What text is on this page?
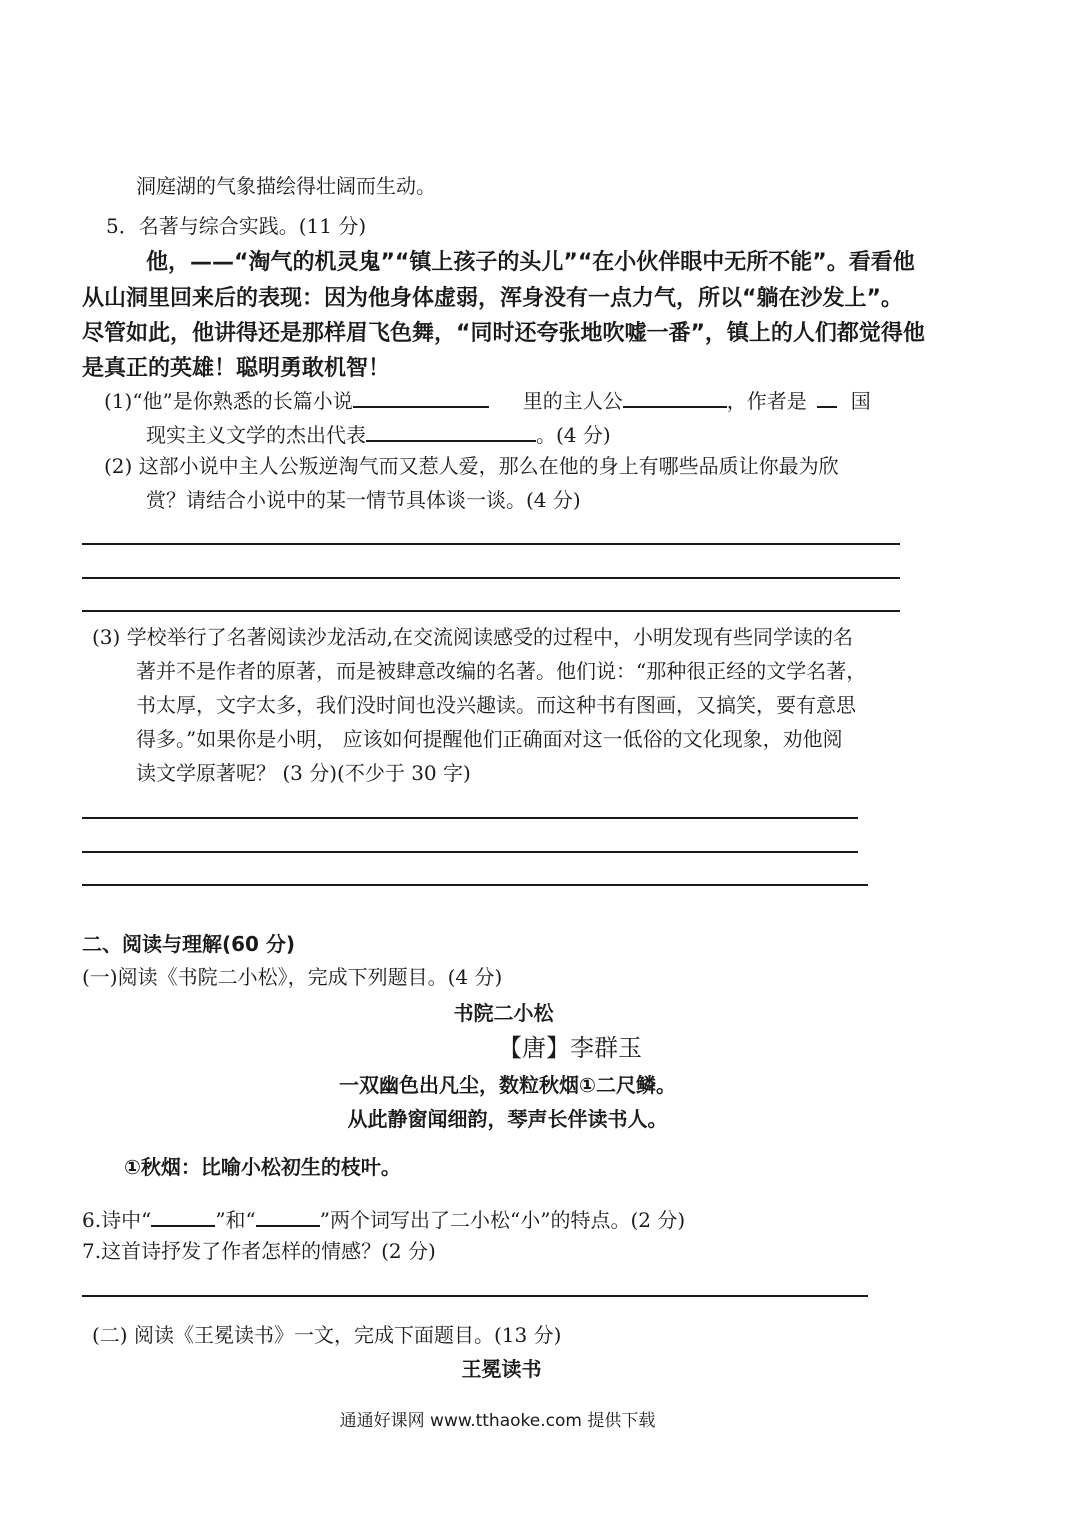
洞庭湖的气象描绘得壮阔而生动。
5．名著与综合实践。(11 分)
他，——“淘气的机灵鬼”“镇上孩子的头儿”“在小伙伴眼中无所不能”。看看他
从山洞里回来后的表现：因为他身体虚弱，浑身没有一点力气，所以“躺在沙发上”。
尽管如此，他讲得还是那样眉飞色舞，“同时还夸张地吹嘘一番”，镇上的人们都觉得他
是真正的英雄！聪明勇敢机智！
(1)“他”是你熟悉的长篇小说	里的主人公	，作者是 国
现实主义文学的杰出代表	。(4 分)
(2) 这部小说中主人公叛逆淘气而又惹人爱，那么在他的身上有哪些品质让你最为欣
赏？请结合小说中的某一情节具体谈一谈。(4 分)
(3) 学校举行了名著阅读沙龙活动,在交流阅读感受的过程中，小明发现有些同学读的名
著并不是作者的原著，而是被肆意改编的名著。他们说：“那种很正经的文学名著，
书太厚，文字太多，我们没时间也没兴趣读。而这种书有图画，又搞笑，要有意思
得多。”如果你是小明， 应该如何提醒他们正确面对这一低俗的文化现象，劝他阅
读文学原著呢？ (3 分)(不少于 30 字)
二、阅读与理解(60 分)
(一)阅读《书院二小松》，完成下列题目。(4 分)
书院二小松
【唐】李群玉
一双幽色出凡尘，数粒秋烟①二尺鳞。
从此静窗闻细韵，琴声长伴读书人。
①秋烟：比喻小松初生的枝叶。
6.诗中“	”和“	”两个词写出了二小松“小”的特点。(2 分)
7.这首诗抒发了作者怎样的情感？(2 分)
(二) 阅读《王冕读书》一文，完成下面题目。(13 分)
王冕读书
通通好课网 www.tthaoke.com 提供下载
